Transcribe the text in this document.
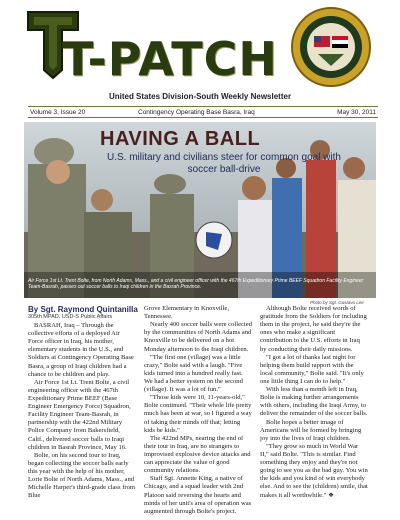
T-PATCH
United States Division-South Weekly Newsletter
Volume 3, Issue 20	Contingency Operating Base Basra, Iraq	May 30, 2011
HAVING A BALL
U.S. military and civilians steer for common goal with soccer ball-drive
Air Force 1st Lt. Trent Bolte, from North Adams, Mass., and a civil engineer officer with the 467th Expeditionary Prime BEEF Squadron Facility Engineer Team-Basrah, passes out soccer balls to Iraqi children in the Basrah Province.
Photo by Sgt. Gustavo Lee
By Sgt. Raymond Quintanilla
305th MPAD, USD-S Public Affairs

BASRAH, Iraq – Through the collective efforts of a deployed Air Force officer in Iraq, his mother, elementary students in the U.S., and Soldiers at Contingency Operating Base Basra, a group of Iraqi children had a chance to be children and play.

Air Force 1st Lt. Trent Bolte, a civil engineering officer with the 467th Expeditionary Prime BEEF (Base Engineer Emergency Force) Squadron, Facility Engineer Team-Basrah, in partnership with the 422nd Military Police Company from Bakersfield, Calif., delivered soccer balls to Iraqi children in Basrah Province, May 16.

Bolte, on his second tour to Iraq, began collecting the soccer balls early this year with the help of his mother, Lorie Bolte of North Adams, Mass., and Michelle Harper's third-grade class from Blue

Grove Elementary in Knoxville, Tennessee.

Nearly 400 soccer balls were collected by the communities of North Adams and Knoxville to be delivered on a hot Monday afternoon to the Iraqi children.

"The first one (village) was a little crazy," Bolte said with a laugh. "Five kids turned into a hundred really fast. We had a better system on the second (village). It was a lot of fun."

"Those kids were 10, 11-years-old," Bolte continued. "Their whole life pretty much has been at war, so I figured a way of taking their minds off that; letting kids be kids."

The 422nd MPs, nearing the end of their tour in Iraq, are no strangers to improvised explosive device attacks and can appreciate the value of good community relations.

Staff Sgt. Annette King, a native of Chicago, and a squad leader with 2nd Platoon said reversing the hearts and minds of her unit's area of operation was augmented through Bolte's project.

Although Bolte received words of gratitude from the Soldiers for including them in the project, he said they're the ones who make a significant contribution to the U.S. efforts in Iraq by conducting their daily missions.

"I got a lot of thanks last night for helping them build rapport with the local community," Bolte said. "It's only one little thing I can do to help."

With less than a month left in Iraq, Bolte is making further arrangements with others, including the Iraqi Army, to deliver the remainder of the soccer balls.

Bolte hopes a better image of Americans will be formed by bringing joy into the lives of Iraqi children.

"They grow so much in World War II," said Bolte. "This is similar. Find something they enjoy and they're not going to see you as the bad guy. You win the kids and you kind of win everybody else. And to see the (children) smile, that makes it all worthwhile." ❖
